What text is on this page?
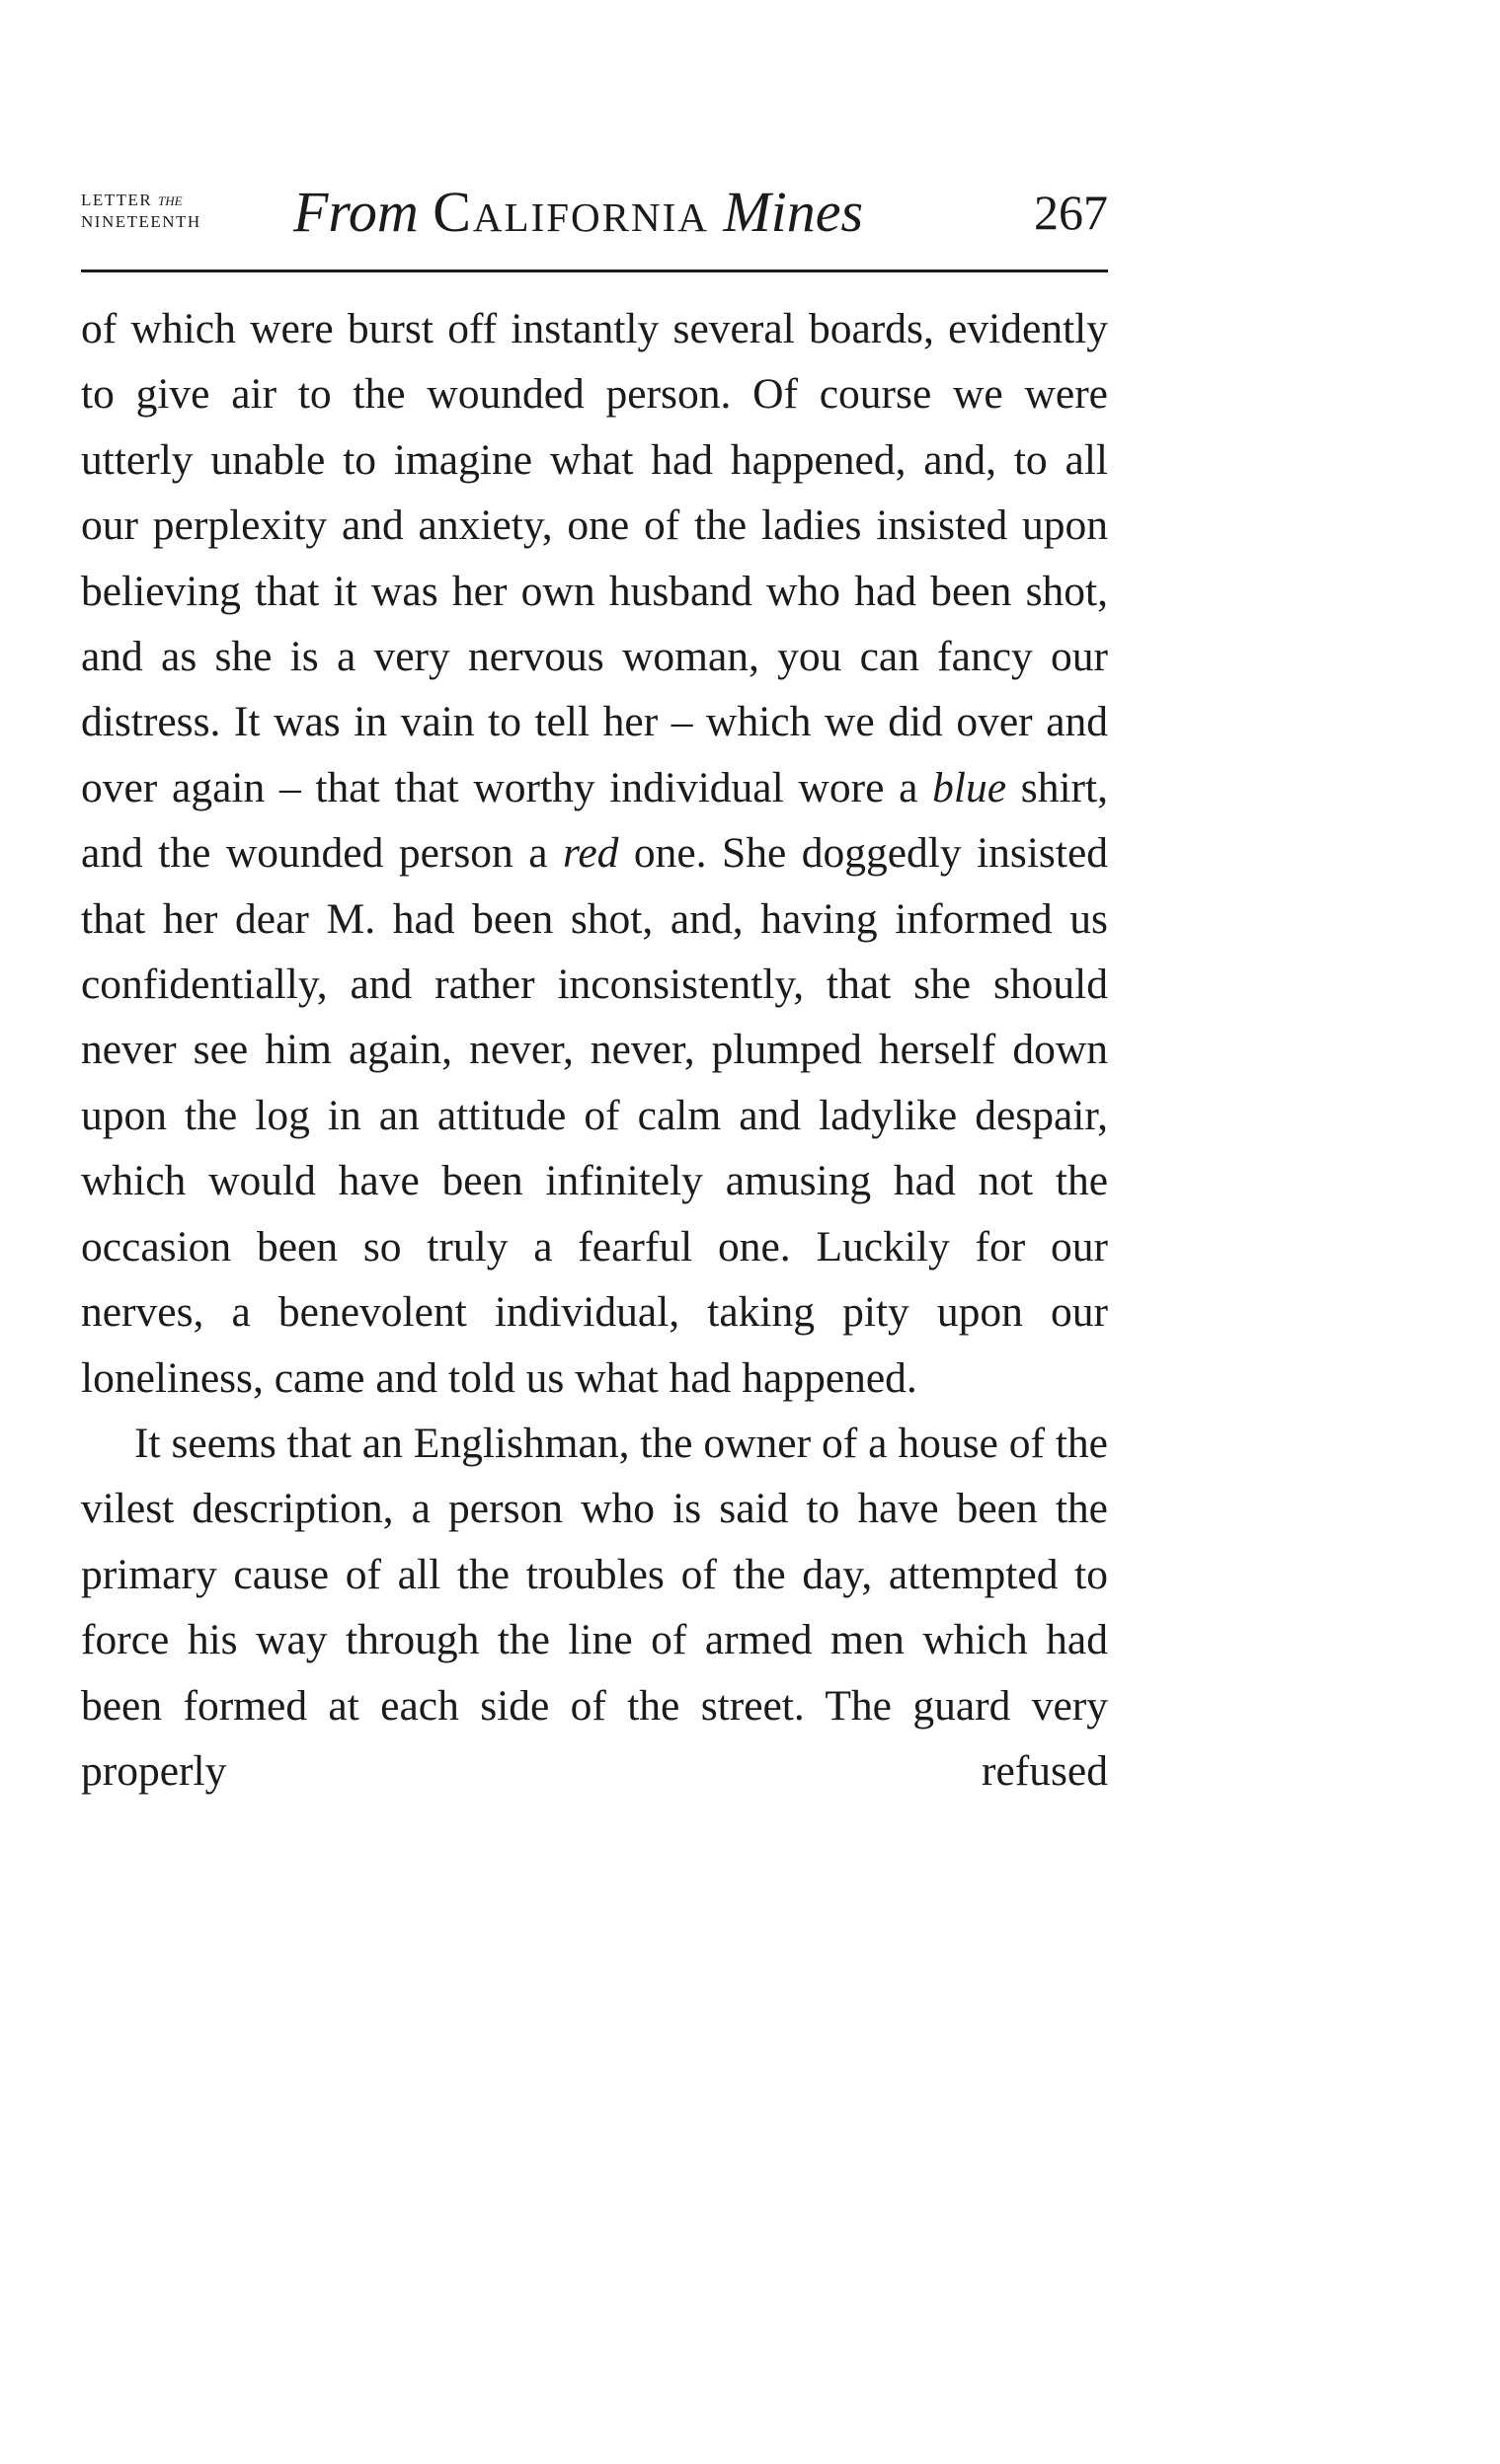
LETTER the
NINETEENTH	From California Mines	267

of which were burst off instantly several boards, evidently to give air to the wounded person. Of course we were utterly unable to imagine what had happened, and, to all our perplexity and anxiety, one of the ladies insisted upon believing that it was her own husband who had been shot, and as she is a very nervous woman, you can fancy our distress. It was in vain to tell her – which we did over and over again – that that worthy individual wore a blue shirt, and the wounded person a red one. She doggedly insisted that her dear M. had been shot, and, having informed us confidentially, and rather inconsistently, that she should never see him again, never, never, plumped herself down upon the log in an attitude of calm and ladylike despair, which would have been infinitely amusing had not the occasion been so truly a fearful one. Luckily for our nerves, a benevolent individual, taking pity upon our loneliness, came and told us what had happened.

It seems that an Englishman, the owner of a house of the vilest description, a person who is said to have been the primary cause of all the troubles of the day, attempted to force his way through the line of armed men which had been formed at each side of the street. The guard very properly refused
